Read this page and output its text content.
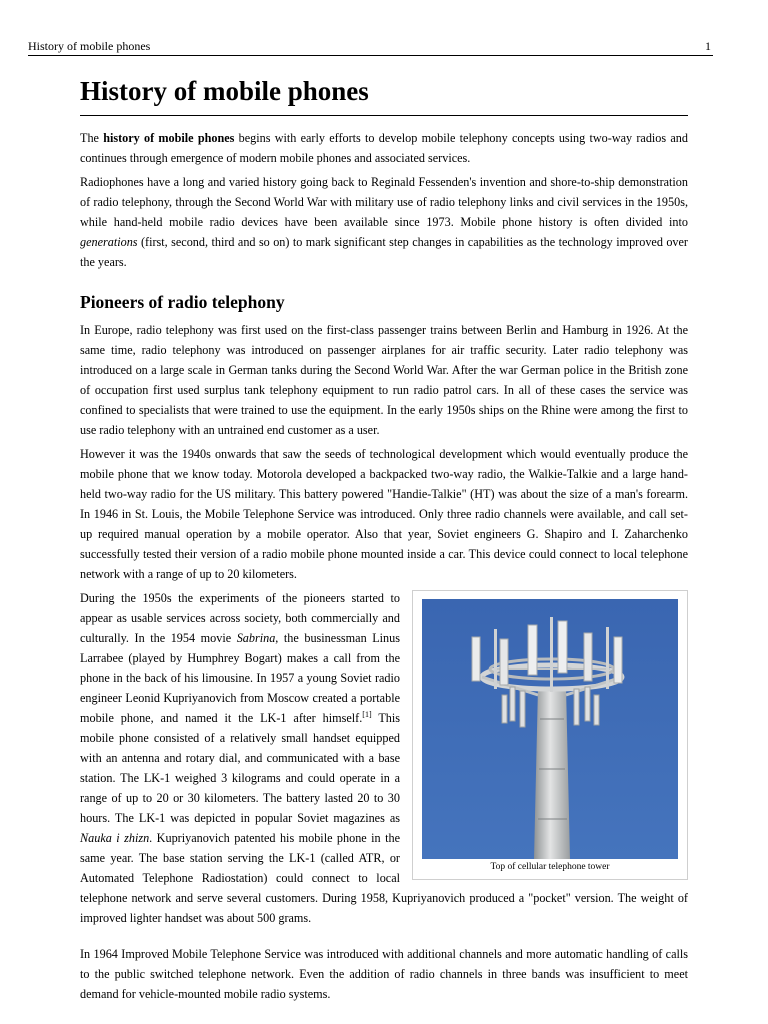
History of mobile phones	1
History of mobile phones

The history of mobile phones begins with early efforts to develop mobile telephony concepts using two-way radios and continues through emergence of modern mobile phones and associated services.

Radiophones have a long and varied history going back to Reginald Fessenden's invention and shore-to-ship demonstration of radio telephony, through the Second World War with military use of radio telephony links and civil services in the 1950s, while hand-held mobile radio devices have been available since 1973. Mobile phone history is often divided into generations (first, second, third and so on) to mark significant step changes in capabilities as the technology improved over the years.

Pioneers of radio telephony

In Europe, radio telephony was first used on the first-class passenger trains between Berlin and Hamburg in 1926. At the same time, radio telephony was introduced on passenger airplanes for air traffic security. Later radio telephony was introduced on a large scale in German tanks during the Second World War. After the war German police in the British zone of occupation first used surplus tank telephony equipment to run radio patrol cars. In all of these cases the service was confined to specialists that were trained to use the equipment. In the early 1950s ships on the Rhine were among the first to use radio telephony with an untrained end customer as a user.

However it was the 1940s onwards that saw the seeds of technological development which would eventually produce the mobile phone that we know today. Motorola developed a backpacked two-way radio, the Walkie-Talkie and a large hand-held two-way radio for the US military. This battery powered "Handie-Talkie" (HT) was about the size of a man's forearm. In 1946 in St. Louis, the Mobile Telephone Service was introduced. Only three radio channels were available, and call set-up required manual operation by a mobile operator. Also that year, Soviet engineers G. Shapiro and I. Zaharchenko successfully tested their version of a radio mobile phone mounted inside a car. This device could connect to local telephone network with a range of up to 20 kilometers.

Top of cellular telephone tower

During the 1950s the experiments of the pioneers started to appear as usable services across society, both commercially and culturally. In the 1954 movie Sabrina, the businessman Linus Larrabee (played by Humphrey Bogart) makes a call from the phone in the back of his limousine. In 1957 a young Soviet radio engineer Leonid Kupriyanovich from Moscow created a portable mobile phone, and named it the LK-1 after himself.[1] This mobile phone consisted of a relatively small handset equipped with an antenna and rotary dial, and communicated with a base station. The LK-1 weighed 3 kilograms and could operate in a range of up to 20 or 30 kilometers. The battery lasted 20 to 30 hours. The LK-1 was depicted in popular Soviet magazines as Nauka i zhizn. Kupriyanovich patented his mobile phone in the same year. The base station serving the LK-1 (called ATR, or Automated Telephone Radiostation) could connect to local telephone network and serve several customers. During 1958, Kupriyanovich produced a "pocket" version. The weight of improved lighter handset was about 500 grams.

In 1964 Improved Mobile Telephone Service was introduced with additional channels and more automatic handling of calls to the public switched telephone network. Even the addition of radio channels in three bands was insufficient to meet demand for vehicle-mounted mobile radio systems.
